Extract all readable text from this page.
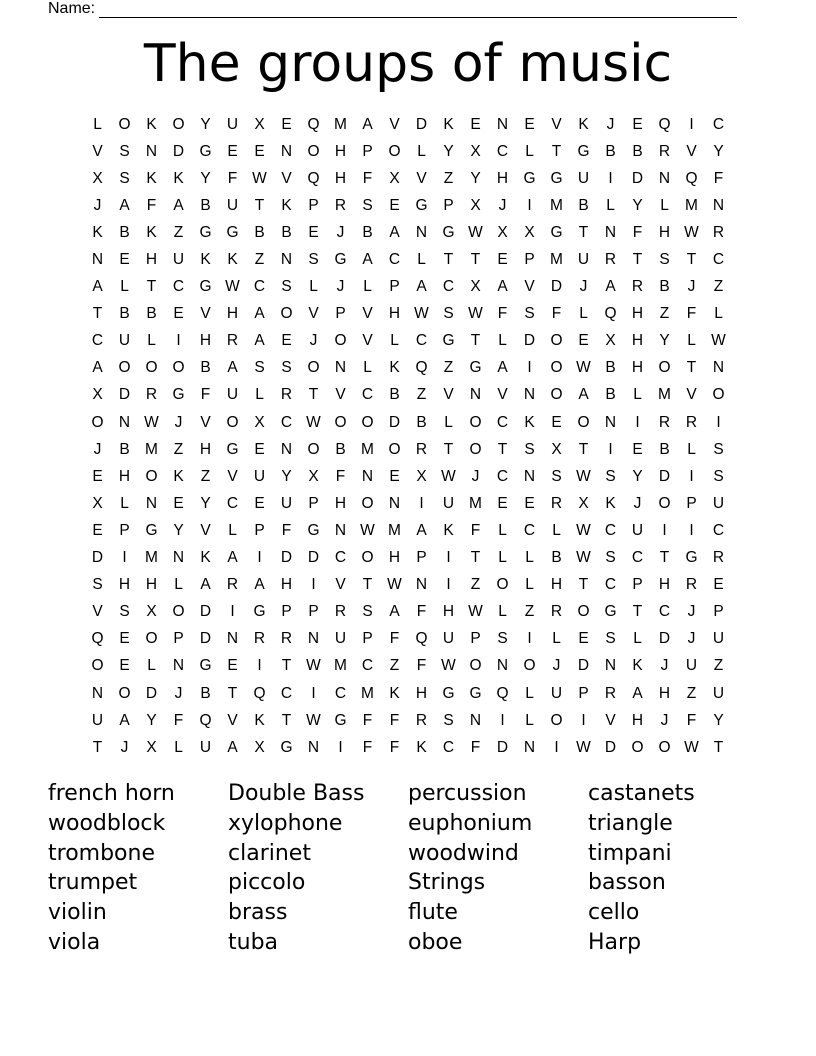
Name:
The groups of music
L	O	K	O	Y	U	X	E	Q M A	V	D	K	E	N	E	V	K	J	E	Q	I	C
V	S	N	D G	E	E	N O H	P	O	L	Y	X	C	L	T	G	B	B	R	V	Y
X	S	K	K	Y	F W V	Q H	F	X	V	Z	Y	H G G U	I	D	N Q	F
J	A	F	A	B	U	T	K	P	R	S	E	G	P	X	J	I	M B	L	Y	L	M N
K	B	K	Z	G G	B	B	E	J	B	A	N G W X	X	G	T	N	F	H W R
N	E	H	U	K	K	Z	N	S	G	A	C	L	T	T	E	P M U	R	T	S	T	C
A	L	T	C G W C	S	L	J	L	P	A	C	X	A	V	D	J	A	R	B	J	Z
T	B	B	E	V	H	A	O	V	P	V	H W S W F	S	F	L	Q H	Z	F	L
C	U	L	I	H	R	A	E	J	O	V	L	C G	T	L	D O	E	X	H	Y	L W
A	O O O	B	A	S	S	O N	L	K	Q	Z	G	A	I	O W B	H O	T	N
X	D	R G	F	U	L	R	T	V	C	B	Z	V	N	V	N O	A	B	L	M V	O
O N W	J	V	O	X	C W O O D	B	L	O C	K	E	O N	I	R	R	I
J	B M	Z	H G	E	N O	B M O R	T	O	T	S	X	T	I	E	B	L	S
E	H O	K	Z	V	U	Y	X	F	N	E	X W	J	C	N	S W S	Y	D	I	S
X	L	N	E	Y	C	E	U	P	H O N	I	U M E	E	R	X	K	J	O	P	U
E	P	G	Y	V	L	P	F	G N W M A	K	F	L	C	L W C	U	I	I	C
D	I	M N	K	A	I	D	D	C O H	P	I	T	L	L	B W S	C	T	G R
S	H	H	L	A	R	A	H	I	V	T W N	I	Z	O	L	H	T	C	P	H	R	E
V	S	X	O D	I	G	P	P	R	S	A	F	H W L	Z	R O G	T	C	J	P
Q	E	O	P	D	N	R	R	N	U	P	F	Q U	P	S	I	L	E	S	L	D	J	U
O	E	L	N G	E	I	T W M C	Z	F W O N O	J	D	N	K	J	U	Z
N O D	J	B	T	Q C	I	C M K	H G G Q	L	U	P	R	A	H	Z	U
U	A	Y	F	Q	V	K	T W G	F	F	R	S	N	I	L	O	I	V	H	J	F	Y
T	J	X	L	U	A	X	G N	I	F	F	K	C	F	D	N	I	W D O O W T
french horn	Double Bass	percussion	castanets
woodblock	xylophone	euphonium	triangle
trombone	clarinet	woodwind	timpani
trumpet	piccolo	Strings	basson
violin	brass	flute	cello
viola	tuba	oboe	Harp
